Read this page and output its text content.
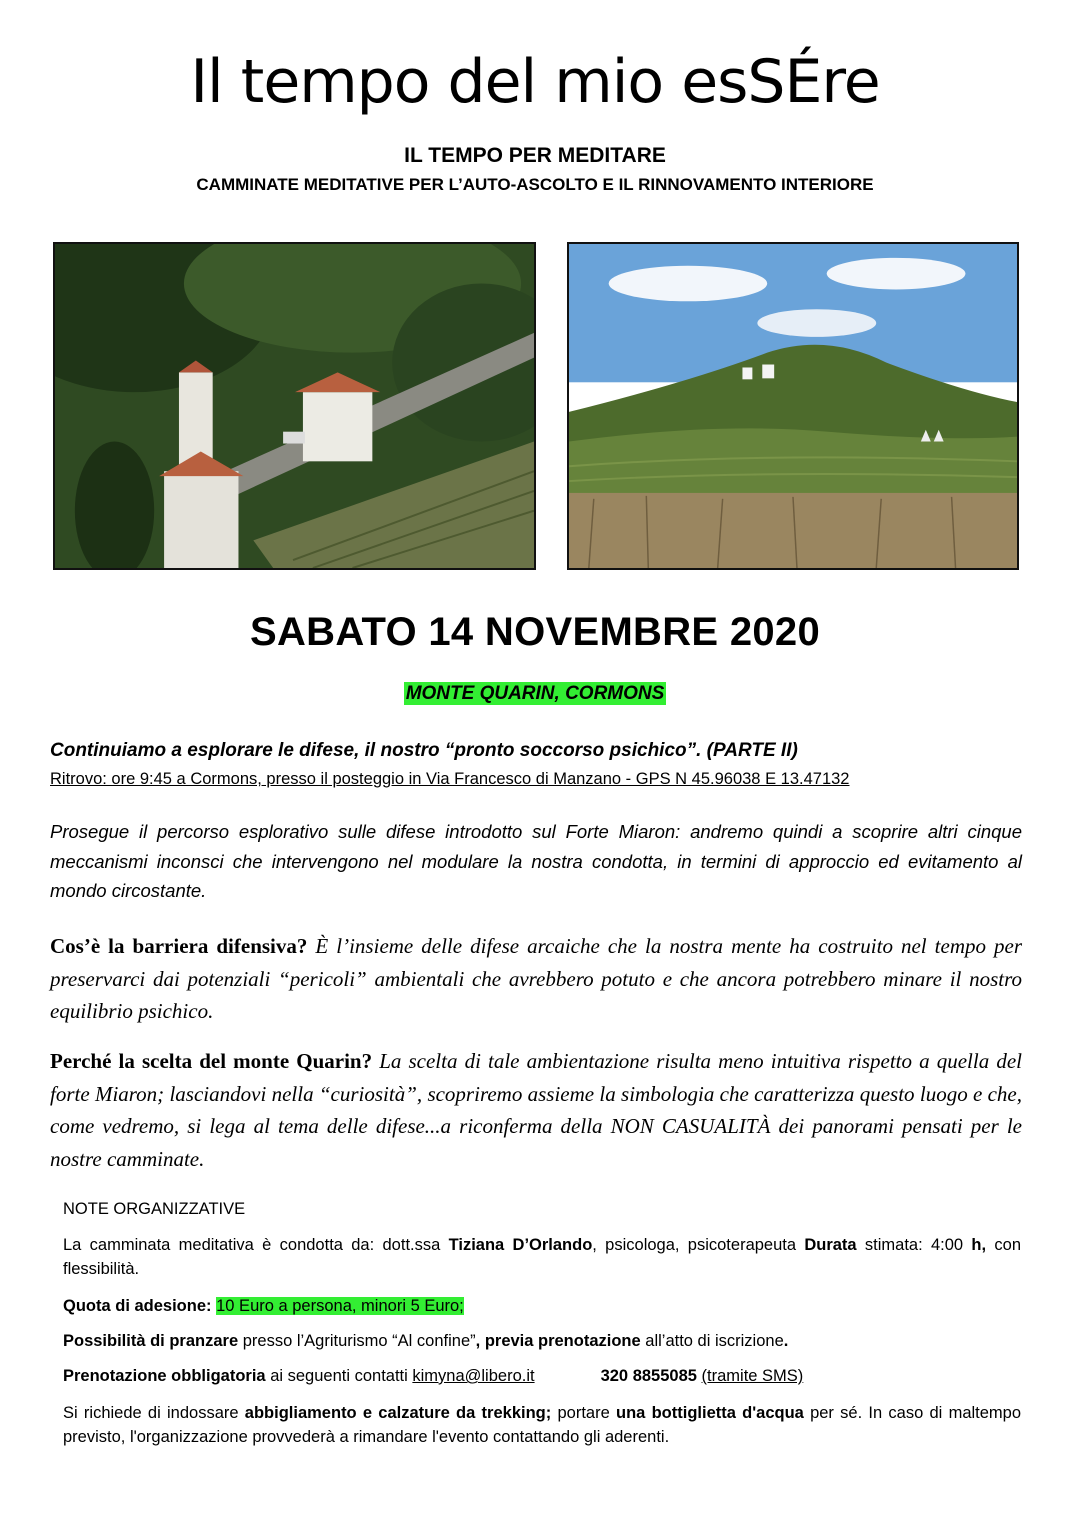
Il tempo del mio esSÉre
IL TEMPO PER MEDITARE
CAMMINATE MEDITATIVE PER L’AUTO-ASCOLTO E IL RINNOVAMENTO INTERIORE
SABATO 14 NOVEMBRE 2020
MONTE QUARIN, CORMONS
Continuiamo a esplorare le difese, il nostro “pronto soccorso psichico”. (PARTE II)
Ritrovo: ore 9:45 a Cormons, presso il posteggio in Via Francesco di Manzano - GPS N 45.96038 E 13.47132
Prosegue il percorso esplorativo sulle difese introdotto sul Forte Miaron: andremo quindi a scoprire altri cinque meccanismi inconsci che intervengono nel modulare la nostra condotta, in termini di approccio ed evitamento al mondo circostante.
Cos’è la barriera difensiva? È l’insieme delle difese arcaiche che la nostra mente ha costruito nel tempo per preservarci dai potenziali “pericoli” ambientali che avrebbero potuto e che ancora potrebbero minare il nostro equilibrio psichico.
Perché la scelta del monte Quarin? La scelta di tale ambientazione risulta meno intuitiva rispetto a quella del forte Miaron; lasciandovi nella “curiosità”, scopriremo assieme la simbologia che caratterizza questo luogo e che, come vedremo, si lega al tema delle difese...a riconferma della NON CASUALITÀ dei panorami pensati per le nostre camminate.
NOTE ORGANIZZATIVE
La camminata meditativa è condotta da: dott.ssa Tiziana D’Orlando, psicologa, psicoterapeuta Durata stimata: 4:00 h, con flessibilità.
Quota di adesione: 10 Euro a persona, minori 5 Euro;
Possibilità di pranzare presso l’Agriturismo “Al confine”, previa prenotazione all’atto di iscrizione.
Prenotazione obbligatoria ai seguenti contatti kimyna@libero.it	320 8855085 (tramite SMS)
Si richiede di indossare abbigliamento e calzature da trekking; portare una bottiglietta d'acqua per sé. In caso di maltempo previsto, l'organizzazione provvederà a rimandare l'evento contattando gli aderenti.
